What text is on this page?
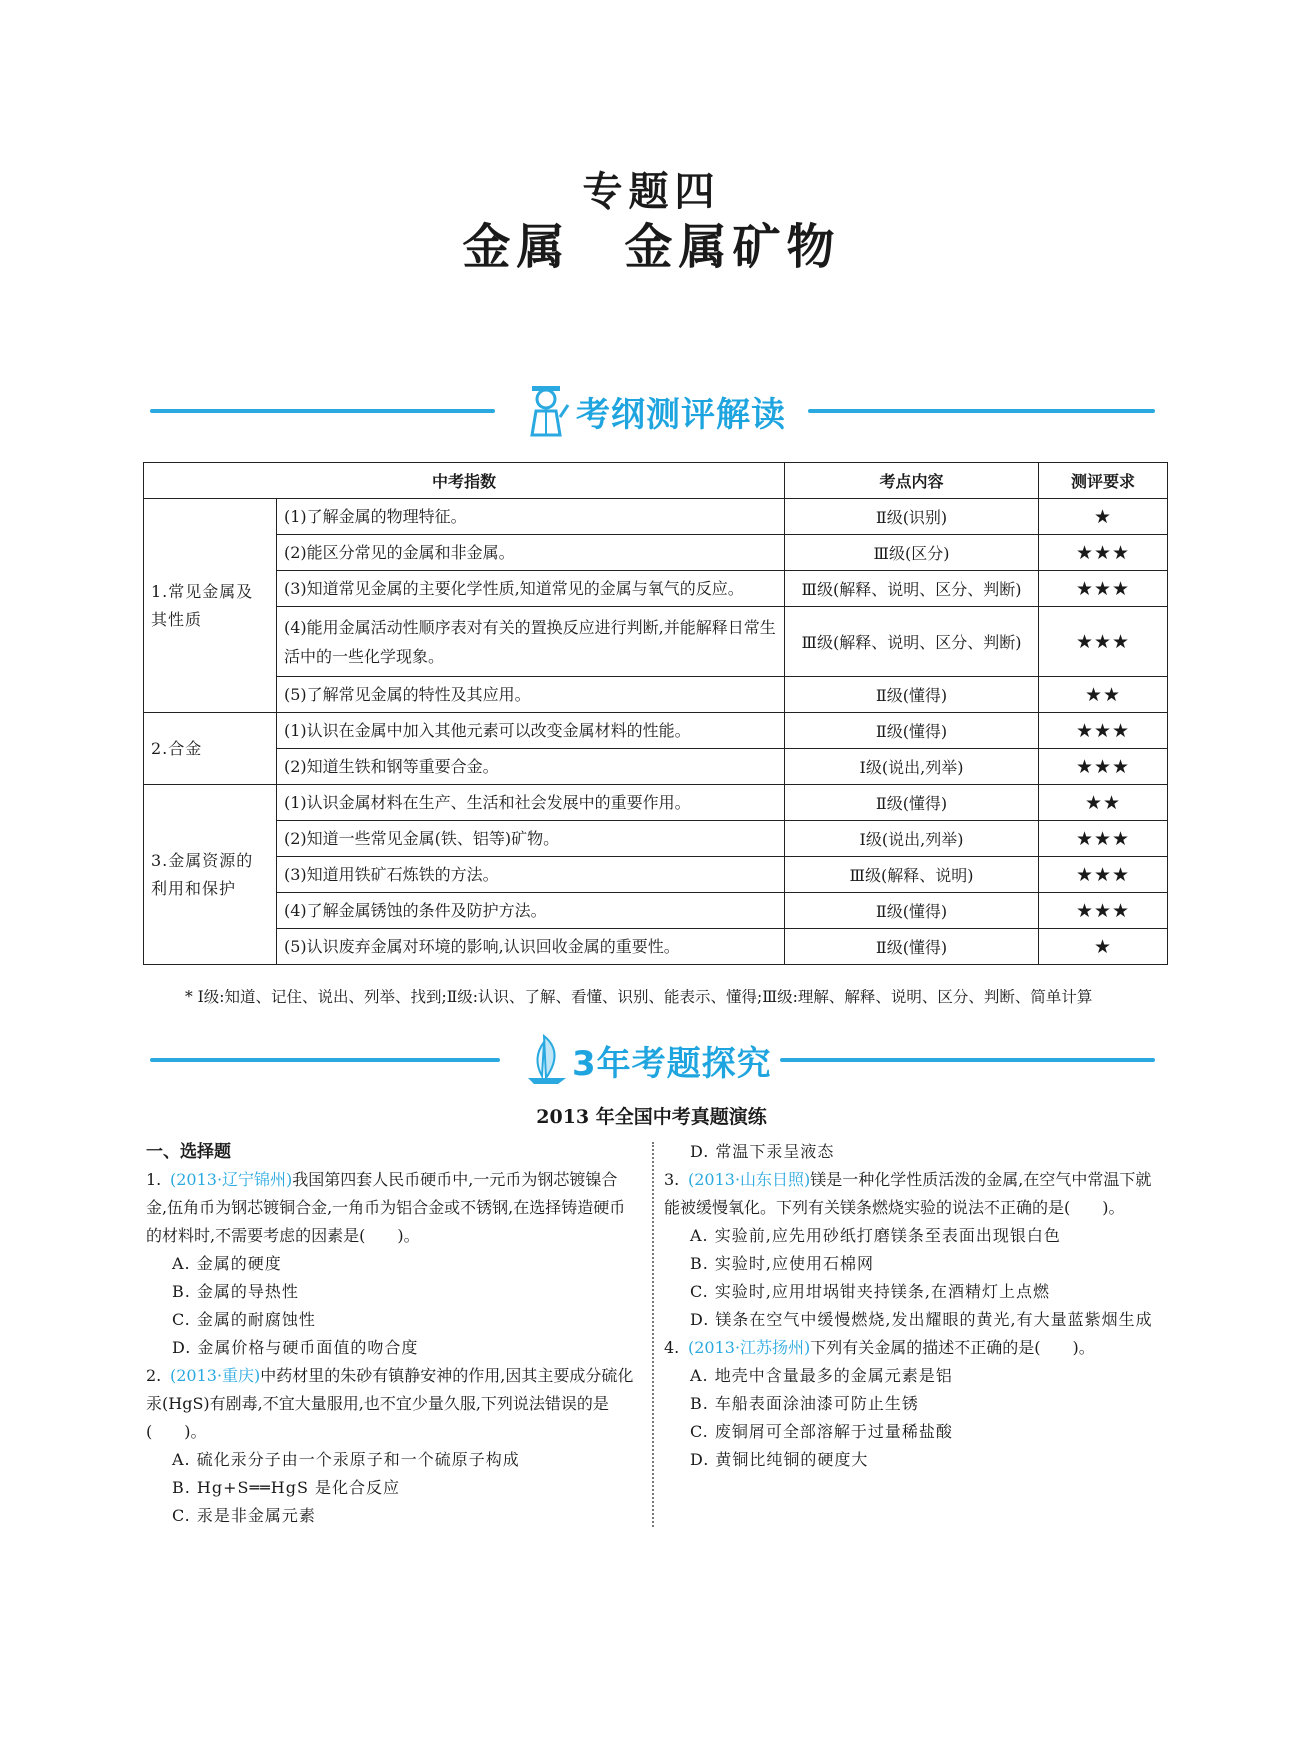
专题四
金属　金属矿物
考纲测评解读
中考指数		考点内容	测评要求
1.常见金属及其性质	(1)了解金属的物理特征。	Ⅱ级(识别)	★
	(2)能区分常见的金属和非金属。	Ⅲ级(区分)	★★★
	(3)知道常见金属的主要化学性质,知道常见的金属与氧气的反应。	Ⅲ级(解释、说明、区分、判断)	★★★
	(4)能用金属活动性顺序表对有关的置换反应进行判断,并能解释日常生活中的一些化学现象。	Ⅲ级(解释、说明、区分、判断)	★★★
	(5)了解常见金属的特性及其应用。	Ⅱ级(懂得)	★★
2.合金	(1)认识在金属中加入其他元素可以改变金属材料的性能。	Ⅱ级(懂得)	★★★
	(2)知道生铁和钢等重要合金。	Ⅰ级(说出,列举)	★★★
3.金属资源的利用和保护	(1)认识金属材料在生产、生活和社会发展中的重要作用。	Ⅱ级(懂得)	★★
	(2)知道一些常见金属(铁、铝等)矿物。	Ⅰ级(说出,列举)	★★★
	(3)知道用铁矿石炼铁的方法。	Ⅲ级(解释、说明)	★★★
	(4)了解金属锈蚀的条件及防护方法。	Ⅱ级(懂得)	★★★
	(5)认识废弃金属对环境的影响,认识回收金属的重要性。	Ⅱ级(懂得)	★
* Ⅰ级:知道、记住、说出、列举、找到;Ⅱ级:认识、了解、看懂、识别、能表示、懂得;Ⅲ级:理解、解释、说明、区分、判断、简单计算
3年考题探究
2013 年全国中考真题演练
一、选择题
1. (2013·辽宁锦州)我国第四套人民币硬币中,一元币为钢芯镀镍合金,伍角币为钢芯镀铜合金,一角币为铝合金或不锈钢,在选择铸造硬币的材料时,不需要考虑的因素是(　　)。
A. 金属的硬度
B. 金属的导热性
C. 金属的耐腐蚀性
D. 金属价格与硬币面值的吻合度
2. (2013·重庆)中药材里的朱砂有镇静安神的作用,因其主要成分硫化汞(HgS)有剧毒,不宜大量服用,也不宜少量久服,下列说法错误的是(　　)。
A. 硫化汞分子由一个汞原子和一个硫原子构成
B. Hg+S══HgS 是化合反应
C. 汞是非金属元素
D. 常温下汞呈液态
3. (2013·山东日照)镁是一种化学性质活泼的金属,在空气中常温下就能被缓慢氧化。下列有关镁条燃烧实验的说法不正确的是(　　)。
A. 实验前,应先用砂纸打磨镁条至表面出现银白色
B. 实验时,应使用石棉网
C. 实验时,应用坩埚钳夹持镁条,在酒精灯上点燃
D. 镁条在空气中缓慢燃烧,发出耀眼的黄光,有大量蓝紫烟生成
4. (2013·江苏扬州)下列有关金属的描述不正确的是(　　)。
A. 地壳中含量最多的金属元素是铝
B. 车船表面涂油漆可防止生锈
C. 废铜屑可全部溶解于过量稀盐酸
D. 黄铜比纯铜的硬度大
